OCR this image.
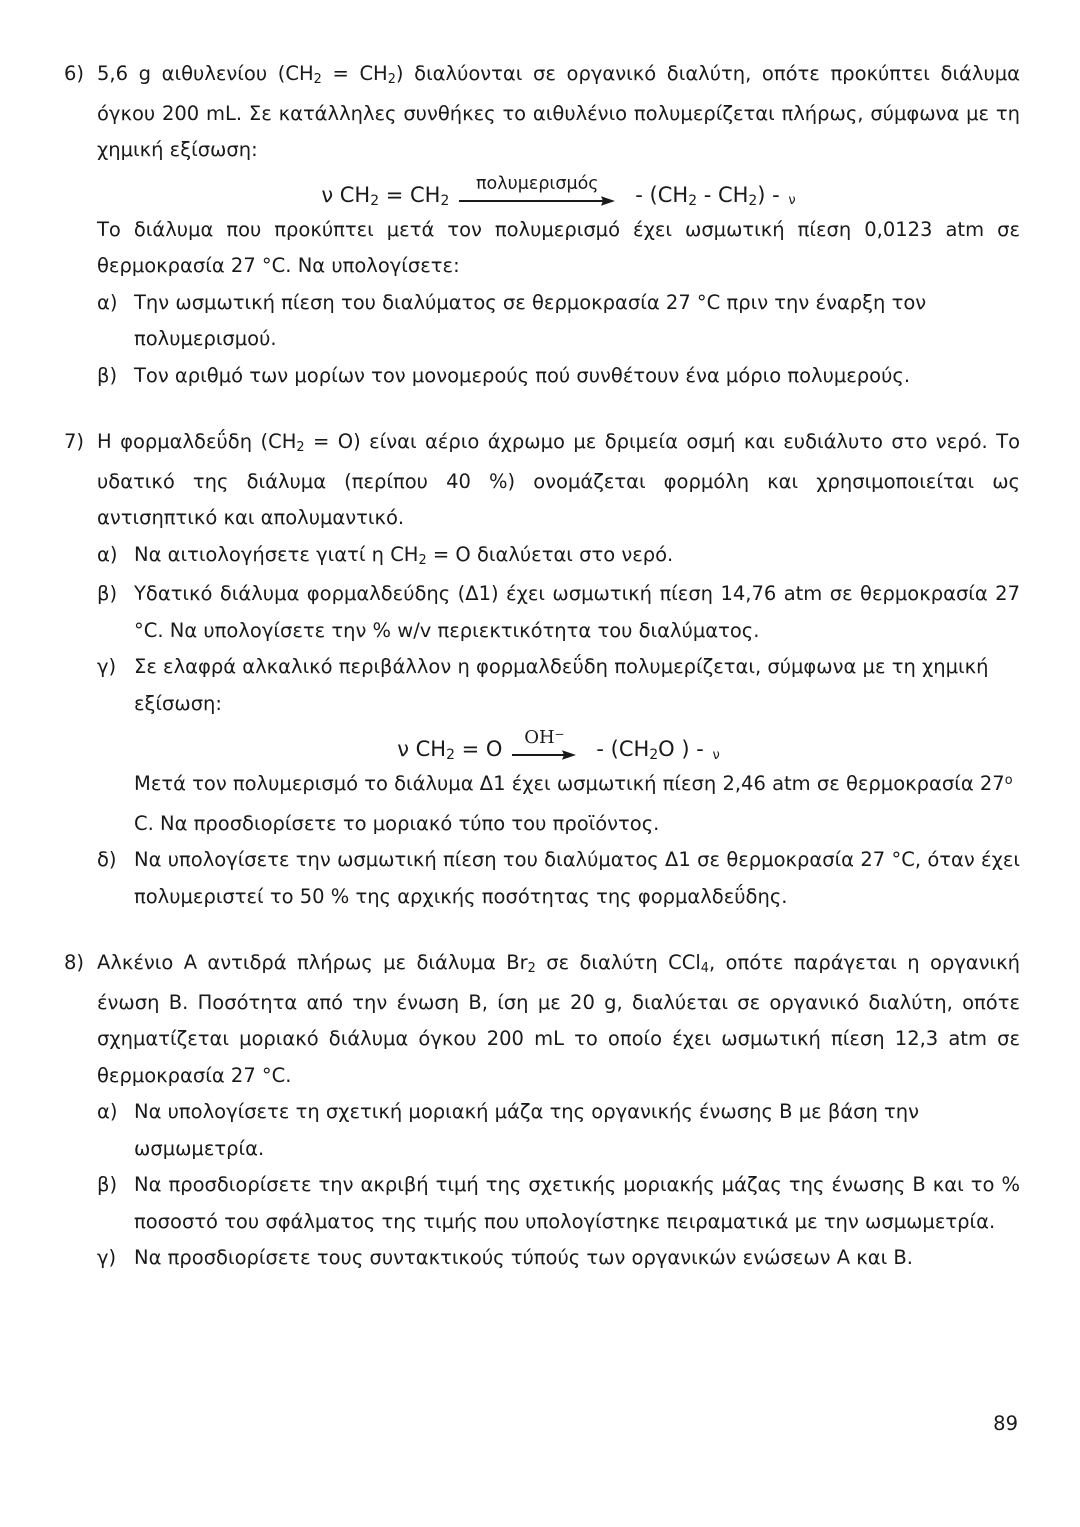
6) 5,6 g αιθυλενίου $(CH_2 = CH_2)$ διαλύονται σε οργανικό διαλύτη, οπότε προκύπτει διάλυμα όγκου 200 mL. Σε κατάλληλες συνθήκες το αιθυλένιο πολυμερίζεται πλήρως, σύμφωνα με τη χημική εξίσωση:

ν $CH_2 = CH_2$
πολυμερισμός	- $(CH_2 - CH_2)$ - ν

Το διάλυμα που προκύπτει μετά τον πολυμερισμό έχει ωσμωτική πίεση 0,0123 atm σε θερμοκρασία 27 °C. Να υπολογίσετε:

α) Την ωσμωτική πίεση του διαλύματος σε θερμοκρασία 27 °C πριν την έναρξη τον πολυμερισμού.
β) Τον αριθμό των μορίων τον μονομερούς πού συνθέτουν ένα μόριο πολυμερούς.
7) Η φορμαλδεΰδη $(CH_2 = O)$ είναι αέριο άχρωμο με δριμεία οσμή και ευδιάλυτο στο νερό. Το υδατικό της διάλυμα (περίπου 40 %) ονομάζεται φορμόλη και χρησιμοποιείται ως αντισηπτικό και απολυμαντικό.

α) Να αιτιολογήσετε γιατί η $CH_2 = O$ διαλύεται στο νερό.
β) Υδατικό διάλυμα φορμαλδεύδης (Δ1) έχει ωσμωτική πίεση 14,76 atm σε θερμοκρασία 27 °C. Να υπολογίσετε την % w/v περιεκτικότητα του διαλύματος.
γ) Σε ελαφρά αλκαλικό περιβάλλον η φορμαλδεΰδη πολυμερίζεται, σύμφωνα με τη χημική εξίσωση:
ν $CH_2 = O$ OH−
- ($CH_2O$ ) - ν

Μετά τον πολυμερισμό το διάλυμα Δ1 έχει ωσμωτική πίεση 2,46 atm σε θερμοκρασία $27^o$ C. Να προσδιορίσετε το μοριακό τύπο του προϊόντος.

δ) Να υπολογίσετε την ωσμωτική πίεση του διαλύματος Δ1 σε θερμοκρασία 27 °C, όταν έχει πολυμεριστεί το 50 % της αρχικής ποσότητας της φορμαλδεΰδης.
8) Αλκένιο Α αντιδρά πλήρως με διάλυμα $Br_2$ σε διαλύτη CCl$_4$, οπότε παράγεται η οργανική ένωση Β. Ποσότητα από την ένωση Β, ίση με 20 g, διαλύεται σε οργανικό διαλύτη, οπότε σχηματίζεται μοριακό διάλυμα όγκου 200 mL το οποίο έχει ωσμωτική πίεση 12,3 atm σε θερμοκρασία 27 °C.

α) Να υπολογίσετε τη σχετική μοριακή μάζα της οργανικής ένωσης Β με βάση την ωσμωμετρία.
β) Να προσδιορίσετε την ακριβή τιμή της σχετικής μοριακής μάζας της ένωσης Β και το % ποσοστό του σφάλματος της τιμής που υπολογίστηκε πειραματικά με την ωσμωμετρία.
γ) Να προσδιορίσετε τους συντακτικούς τύπούς των οργανικών ενώσεων Α και Β.
89
